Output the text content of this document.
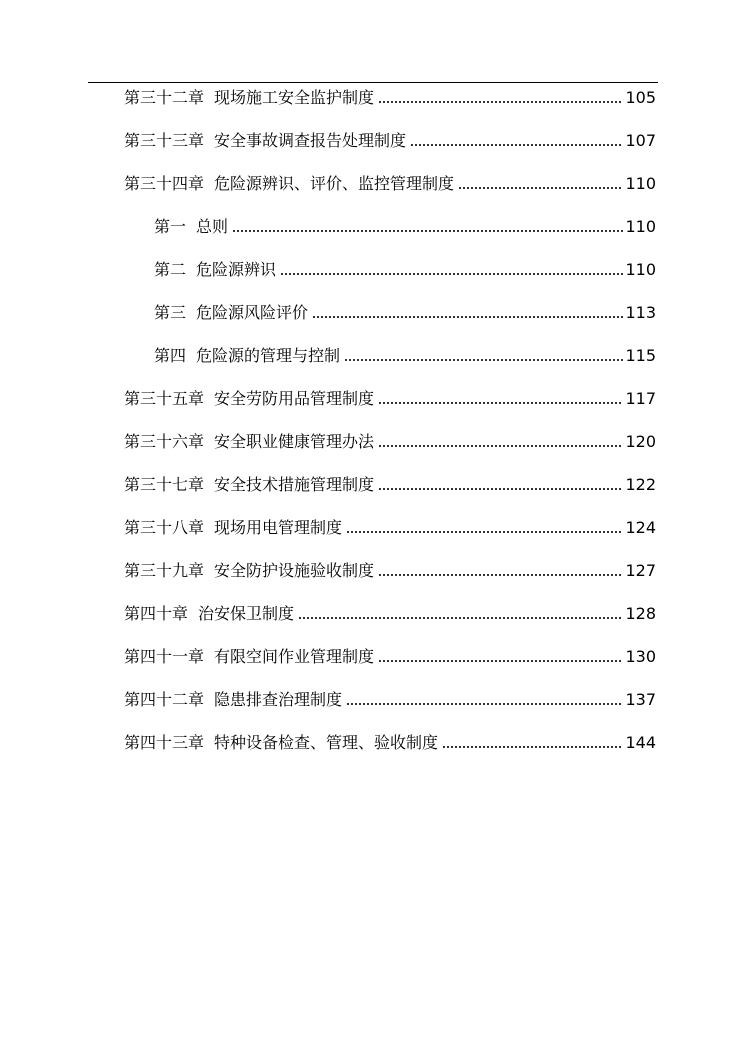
第三十二章 现场施工安全监护制度	105
第三十三章 安全事故调查报告处理制度	107
第三十四章 危险源辨识、评价、监控管理制度	110
第一 总则	110
第二 危险源辨识	110
第三 危险源风险评价	113
第四 危险源的管理与控制	115
第三十五章 安全劳防用品管理制度	117
第三十六章 安全职业健康管理办法	120
第三十七章 安全技术措施管理制度	122
第三十八章 现场用电管理制度	124
第三十九章 安全防护设施验收制度	127
第四十章 治安保卫制度	128
第四十一章 有限空间作业管理制度	130
第四十二章 隐患排查治理制度	137
第四十三章 特种设备检查、管理、验收制度	144
